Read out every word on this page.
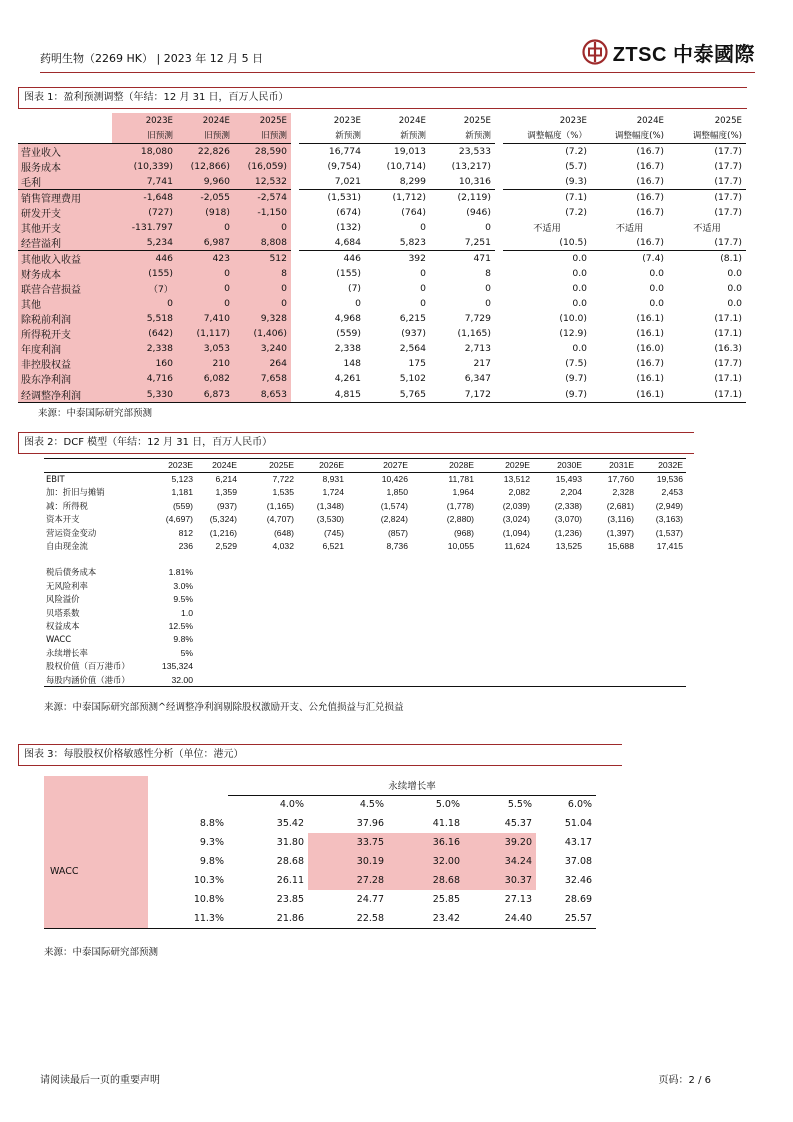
药明生物（2269 HK） | 2023 年 12 月 5 日	ZTSC 中泰國際
图表 1：盈利预测调整（年结：12 月 31 日，百万人民币）
	2023E	2024E	2025E		2023E	2024E	2025E		2023E	2024E	2025E
	旧预测	旧预测	旧预测		新预测	新预测	新预测		调整幅度（%）	调整幅度(%)	调整幅度(%)
营业收入	18,080	22,826	28,590		16,774	19,013	23,533		(7.2)	(16.7)	(17.7)
服务成本	(10,339)	(12,866)	(16,059)		(9,754)	(10,714)	(13,217)		(5.7)	(16.7)	(17.7)
毛利	7,741	9,960	12,532		7,021	8,299	10,316		(9.3)	(16.7)	(17.7)
销售管理费用	-1,648	-2,055	-2,574		(1,531)	(1,712)	(2,119)		(7.1)	(16.7)	(17.7)
研发开支	(727)	(918)	-1,150		(674)	(764)	(946)		(7.2)	(16.7)	(17.7)
其他开支	-131.797	0	0		(132)	0	0		不适用	不适用	不适用
经营溢利	5,234	6,987	8,808		4,684	5,823	7,251		(10.5)	(16.7)	(17.7)
其他收入收益	446	423	512		446	392	471		0.0	(7.4)	(8.1)
财务成本	(155)	0	8		(155)	0	8		0.0	0.0	0.0
联营合营损益	（7）	0	0		(7)	0	0		0.0	0.0	0.0
其他	0	0	0		0	0	0		0.0	0.0	0.0
除税前利润	5,518	7,410	9,328		4,968	6,215	7,729		(10.0)	(16.1)	(17.1)
所得税开支	(642)	(1,117)	(1,406)		(559)	(937)	(1,165)		(12.9)	(16.1)	(17.1)
年度利润	2,338	3,053	3,240		2,338	2,564	2,713		0.0	(16.0)	(16.3)
非控股权益	160	210	264		148	175	217		(7.5)	(16.7)	(17.7)
股东净利润	4,716	6,082	7,658		4,261	5,102	6,347		(9.7)	(16.1)	(17.1)
经调整净利润	5,330	6,873	8,653		4,815	5,765	7,172		(9.7)	(16.1)	(17.1)
来源：中泰国际研究部预测
图表 2：DCF 模型（年结：12 月 31 日，百万人民币）
	2023E	2024E	2025E	2026E	2027E	2028E	2029E	2030E	2031E	2032E
EBIT	5,123	6,214	7,722	8,931	10,426	11,781	13,512	15,493	17,760	19,536
加：折旧与摊销	1,181	1,359	1,535	1,724	1,850	1,964	2,082	2,204	2,328	2,453
减：所得税	(559)	(937)	(1,165)	(1,348)	(1,574)	(1,778)	(2,039)	(2,338)	(2,681)	(2,949)
资本开支	(4,697)	(5,324)	(4,707)	(3,530)	(2,824)	(2,880)	(3,024)	(3,070)	(3,116)	(3,163)
营运资金变动	812	(1,216)	(648)	(745)	(857)	(968)	(1,094)	(1,236)	(1,397)	(1,537)
自由现金流	236	2,529	4,032	6,521	8,736	10,055	11,624	13,525	15,688	17,415

税后债务成本	1.81%									
无风险利率	3.0%									
风险溢价	9.5%									
贝塔系数	1.0									
权益成本	12.5%									
WACC	9.8%									
永续增长率	5%									
股权价值（百万港币）	135,324									
每股内涵价值（港币）	32.00									
来源：中泰国际研究部预测^经调整净利润剔除股权激励开支、公允值损益与汇兑损益
图表 3：每股股权价格敏感性分析（单位：港元）
		永续增长率				
		4.0%	4.5%	5.0%	5.5%	6.0%
WACC	8.8%	35.42	37.96	41.18	45.37	51.04
	9.3%	31.80	33.75	36.16	39.20	43.17
	9.8%	28.68	30.19	32.00	34.24	37.08
	10.3%	26.11	27.28	28.68	30.37	32.46
	10.8%	23.85	24.77	25.85	27.13	28.69
	11.3%	21.86	22.58	23.42	24.40	25.57
来源：中泰国际研究部预测
请阅读最后一页的重要声明	页码：2 / 6
